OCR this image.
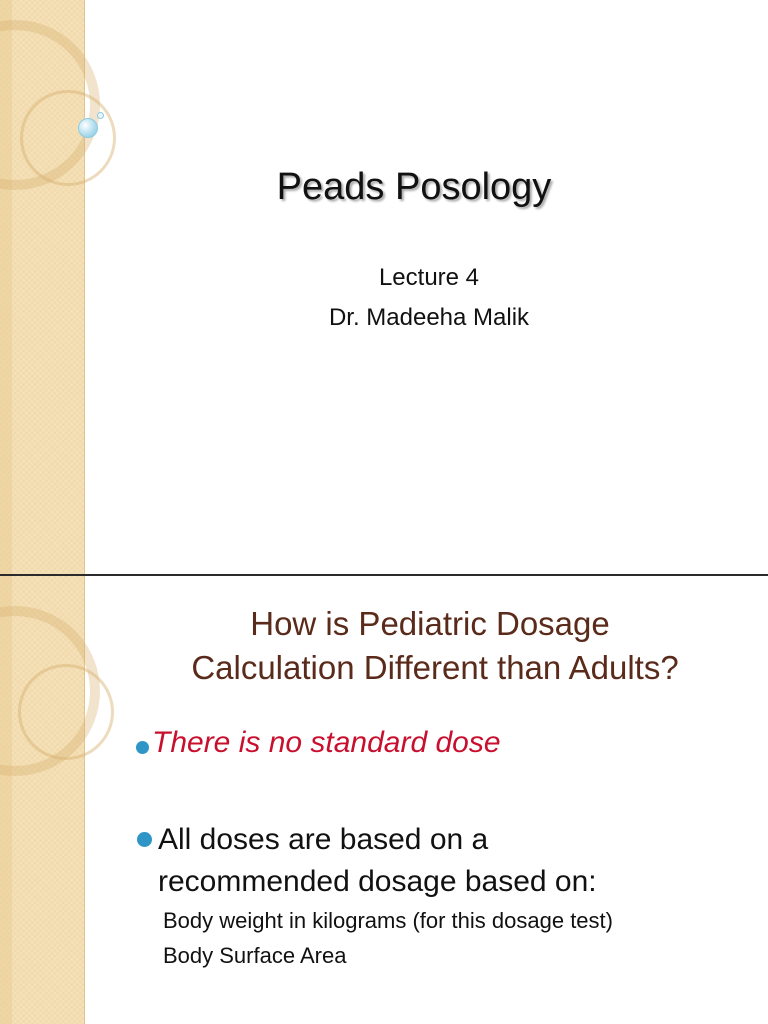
Peads Posology
Lecture 4
Dr. Madeeha Malik
How is Pediatric Dosage
Calculation Different than Adults?
There is no standard dose
All doses are based on a
recommended dosage based on:
Body weight in kilograms (for this dosage test)
Body Surface Area
